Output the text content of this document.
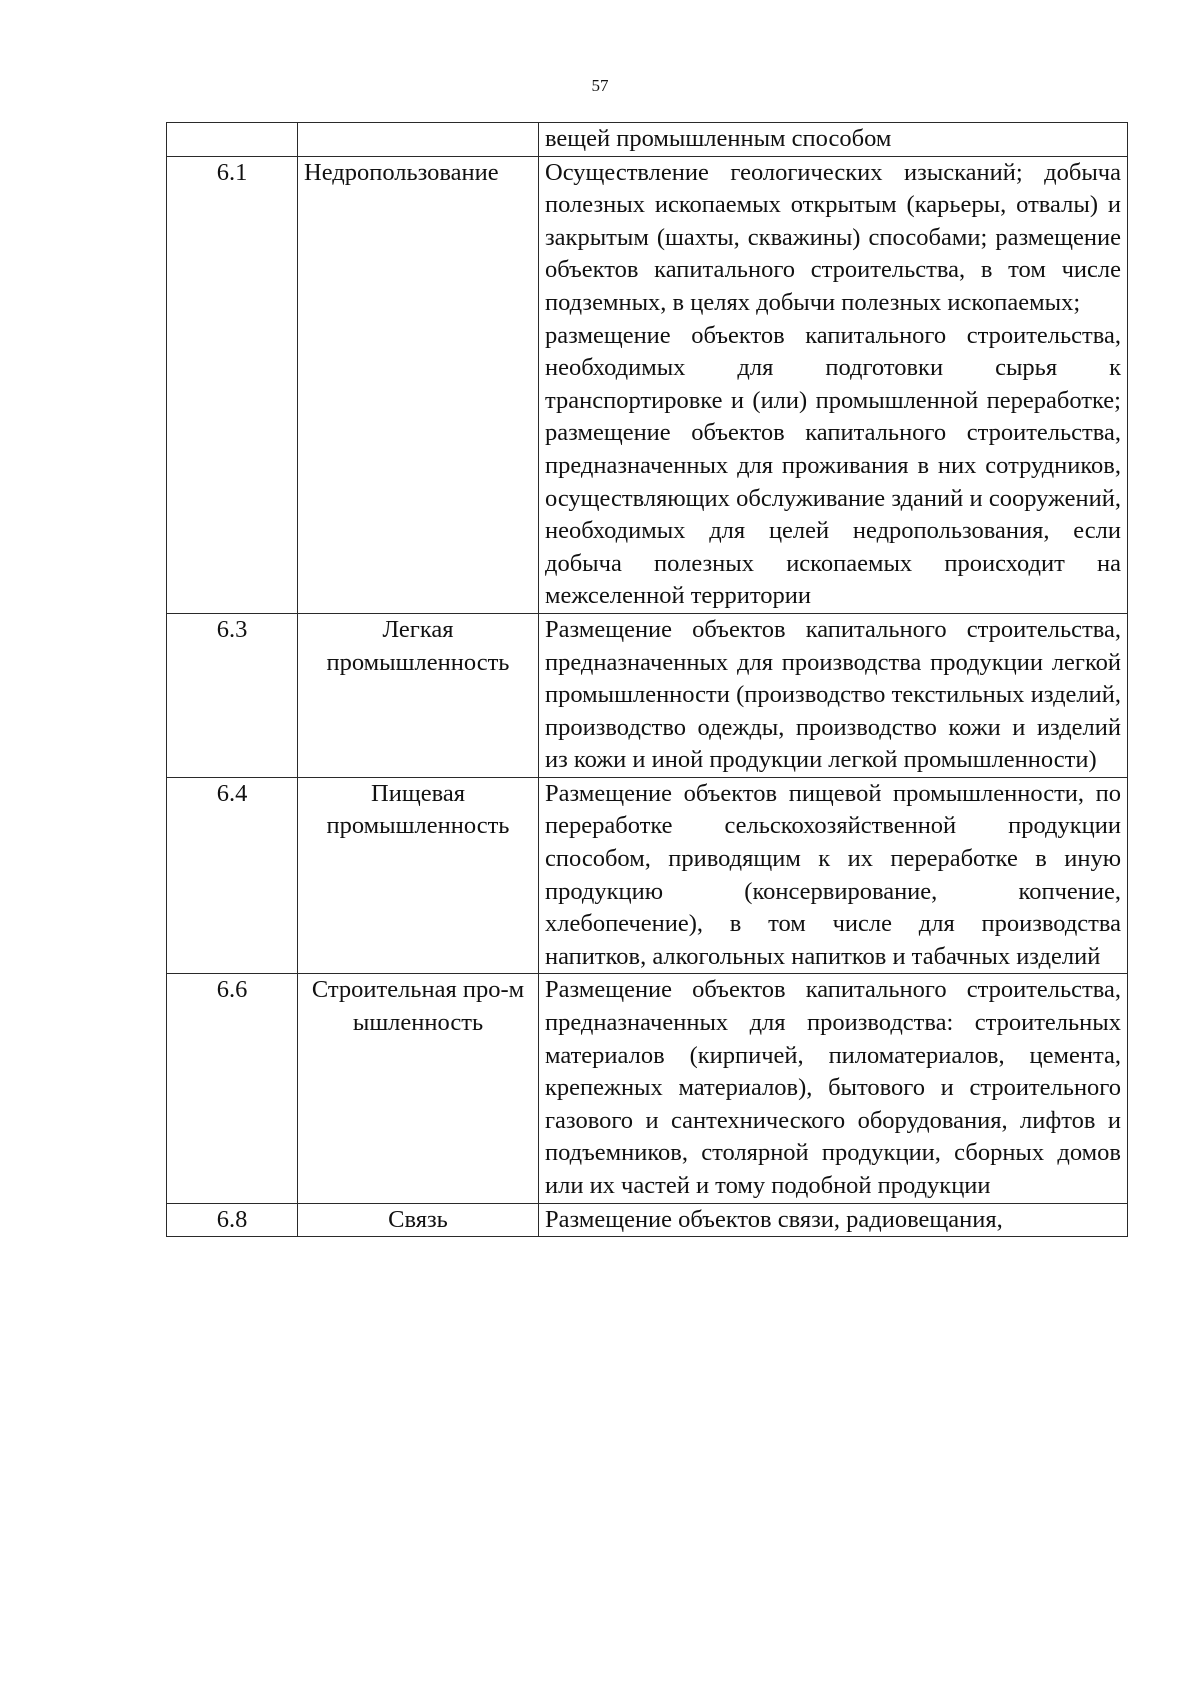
57

		вещей промышленным способом

6.1	Недропользование	Осуществление геологических изысканий; добыча полезных ископаемых открытым (карьеры, отвалы) и закрытым (шахты, скважины) способами; размещение объектов капитального строительства, в том числе подземных, в целях добычи полезных ископаемых;
размещение объектов капитального строительства, необходимых для подготовки сырья к транспортировке и (или) промышленной переработке; размещение объектов капитального строительства, предназначенных для проживания в них сотрудников, осуществляющих обслуживание зданий и сооружений, необходимых для целей недропользования, если добыча полезных ископаемых происходит на межселенной территории

6.3	Легкая промышленность	Размещение объектов капитального строительства, предназначенных для производства продукции легкой промышленности (производство текстильных изделий, производство одежды, производство кожи и изделий из кожи и иной продукции легкой промышленности)

6.4	Пищевая промышленность	Размещение объектов пищевой промышленности, по переработке сельскохозяйственной продукции способом, приводящим к их переработке в иную продукцию (консервирование, копчение, хлебопечение), в том числе для производства напитков, алкогольных напитков и табачных изделий

6.6	Строительная про-мышленность	Размещение объектов капитального строительства, предназначенных для производства: строительных материалов (кирпичей, пиломатериалов, цемента, крепежных материалов), бытового и строительного газового и сантехнического оборудования, лифтов и подъемников, столярной продукции, сборных домов или их частей и тому подобной продукции

6.8	Связь	Размещение объектов связи, радиовещания,
